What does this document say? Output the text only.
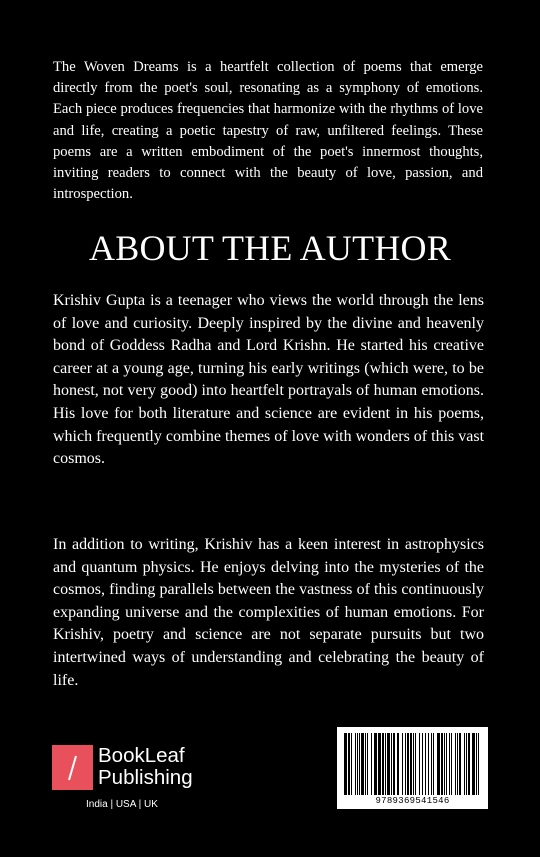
The Woven Dreams is a heartfelt collection of poems that emerge directly from the poet's soul, resonating as a symphony of emotions. Each piece produces frequencies that harmonize with the rhythms of love and life, creating a poetic tapestry of raw, unfiltered feelings. These poems are a written embodiment of the poet's innermost thoughts, inviting readers to connect with the beauty of love, passion, and introspection.

ABOUT THE AUTHOR

Krishiv Gupta is a teenager who views the world through the lens of love and curiosity. Deeply inspired by the divine and heavenly bond of Goddess Radha and Lord Krishn. He started his creative career at a young age, turning his early writings (which were, to be honest, not very good) into heartfelt portrayals of human emotions. His love for both literature and science are evident in his poems, which frequently combine themes of love with wonders of this vast cosmos.

In addition to writing, Krishiv has a keen interest in astrophysics and quantum physics. He enjoys delving into the mysteries of the cosmos, finding parallels between the vastness of this continuously expanding universe and the complexities of human emotions. For Krishiv, poetry and science are not separate pursuits but two intertwined ways of understanding and celebrating the beauty of life.

BookLeaf
Publishing
India | USA | UK	9789369541546
